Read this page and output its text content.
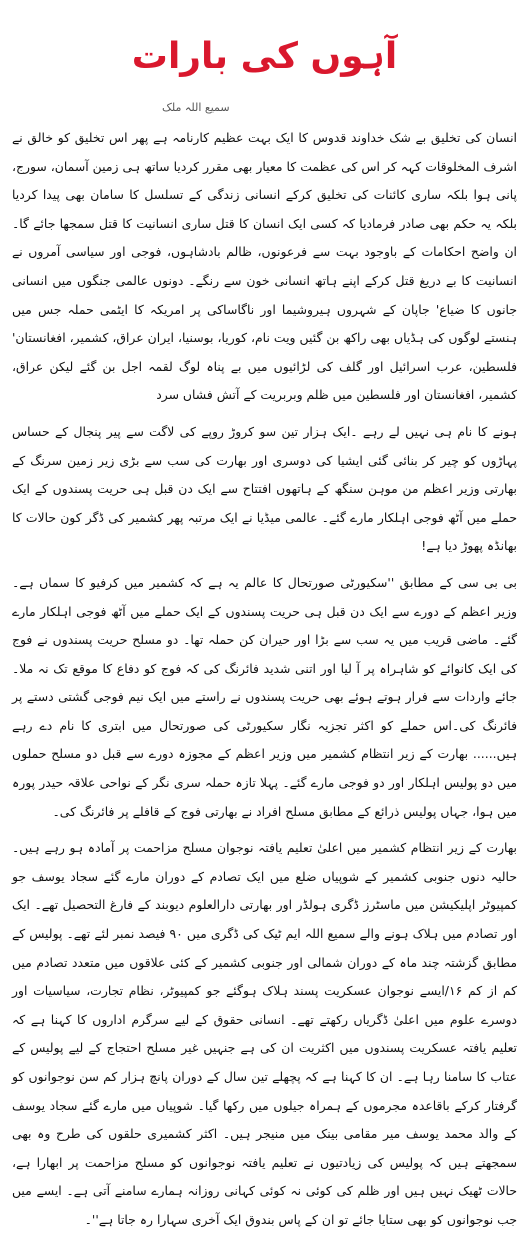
آہوں کی بارات
سمیع اللہ ملک

انسان کی تخلیق بے شک خداوند قدوس کا ایک بہت عظیم کارنامہ ہے پھر اس تخلیق کو خالق نے اشرف المخلوقات کہہ کر اس کی عظمت کا معیار بھی مقرر کردیا ساتھ ہی زمین آسمان، سورج، پانی ہوا بلکہ ساری کائنات کی تخلیق کرکے انسانی زندگی کے تسلسل کا سامان بھی پیدا کردیا بلکہ یہ حکم بھی صادر فرمادیا کہ کسی ایک انسان کا قتل ساری انسانیت کا قتل سمجھا جائے گا۔ان واضح احکامات کے باوجود بہت سے فرعونوں، ظالم بادشاہوں، فوجی اور سیاسی آمروں نے انسانیت کا بے دریغ قتل کرکے اپنے ہاتھ انسانی خون سے رنگے۔ دونوں عالمی جنگوں میں انسانی جانوں کا ضیاع' جاپان کے شہروں ہیروشیما اور ناگاساکی پر امریکہ کا ایٹمی حملہ جس میں ہنستے لوگوں کی ہڈیاں بھی راکھ بن گئیں ویت نام، کوریا، بوسنیا، ایران عراق، کشمیر، افغانستان' فلسطین، عرب اسرائیل اور گلف کی لڑائیوں میں بے پناہ لوگ لقمہ اجل بن گئے لیکن عراق، کشمیر، افغانستان اور فلسطین میں ظلم وبربریت کے آتش فشاں سرد

ہونے کا نام ہی نہیں لے رہے ۔ایک ہزار تین سو کروڑ روپے کی لاگت سے پیر پنجال کے حساس پہاڑوں کو چیر کر بنائی گئی ایشیا کی دوسری اور بھارت کی سب سے بڑی زیر زمین سرنگ کے بھارتی وزیر اعظم من موہن سنگھ کے ہاتھوں افتتاح سے ایک دن قبل ہی حریت پسندوں کے ایک حملے میں آٹھ فوجی اہلکار مارے گئے۔ عالمی میڈیا نے ایک مرتبہ پھر کشمیر کی ڈگر کون حالات کا بھانڈہ پھوڑ دیا ہے!

بی بی سی کے مطابق ''سکیورٹی صورتحال کا عالم یہ ہے کہ کشمیر میں کرفیو کا سماں ہے۔ وزیر اعظم کے دورے سے ایک دن قبل ہی حریت پسندوں کے ایک حملے میں آٹھ فوجی اہلکار مارے گئے۔ ماضی قریب میں یہ سب سے بڑا اور حیران کن حملہ تھا۔ دو مسلح حریت پسندوں نے فوج کی ایک کانوائے کو شاہراہ پر آ لیا اور اتنی شدید فائرنگ کی کہ فوج کو دفاع کا موقع تک نہ ملا۔ جائے واردات سے فرار ہوتے ہوئے بھی حریت پسندوں نے راستے میں ایک نیم فوجی گشتی دستے پر فائرنگ کی۔اس حملے کو اکثر تجزیہ نگار سکیورٹی کی صورتحال میں ابتری کا نام دے رہے ہیں...... بھارت کے زیر انتظام کشمیر میں وزیر اعظم کے مجوزہ دورے سے قبل دو مسلح حملوں میں دو پولیس اہلکار اور دو فوجی مارے گئے۔ پہلا تازہ حملہ سری نگر کے نواحی علاقہ حیدر پورہ میں ہوا، جہاں پولیس ذرائع کے مطابق مسلح افراد نے بھارتی فوج کے قافلے پر فائرنگ کی۔

بھارت کے زیر انتظام کشمیر میں اعلیٰ تعلیم یافتہ نوجوان مسلح مزاحمت پر آمادہ ہو رہے ہیں۔ حالیہ دنوں جنوبی کشمیر کے شوپیاں ضلع میں ایک تصادم کے دوران مارے گئے سجاد یوسف جو کمپیوٹر اپلیکیشن میں ماسٹرز ڈگری ہولڈر اور بھارتی دارالعلوم دیوبند کے فارغ التحصیل تھے۔ ایک اور تصادم میں ہلاک ہونے والے سمیع اللہ ایم ٹیک کی ڈگری میں ۹۰ فیصد نمبر لئے تھے۔ پولیس کے مطابق گزشتہ چند ماہ کے دوران شمالی اور جنوبی کشمیر کے کئی علاقوں میں متعدد تصادم میں کم از کم ۱۶/ایسے نوجوان عسکریت پسند ہلاک ہوگئے جو کمپیوٹر، نظام تجارت، سیاسیات اور دوسرے علوم میں اعلیٰ ڈگریاں رکھتے تھے۔ انسانی حقوق کے لیے سرگرم اداروں کا کہنا ہے کہ تعلیم یافتہ عسکریت پسندوں میں اکثریت ان کی ہے جنہیں غیر مسلح احتجاج کے لیے پولیس کے عتاب کا سامنا رہا ہے۔ ان کا کہنا ہے کہ پچھلے تین سال کے دوران پانچ ہزار کم سن نوجوانوں کو گرفتار کرکے باقاعدہ مجرموں کے ہمراہ جیلوں میں رکھا گیا۔ شوپیاں میں مارے گئے سجاد یوسف کے والد محمد یوسف میر مقامی بینک میں منیجر ہیں۔ اکثر کشمیری حلقوں کی طرح وہ بھی سمجھتے ہیں کہ پولیس کی زیادتیوں نے تعلیم یافتہ نوجوانوں کو مسلح مزاحمت پر ابھارا ہے، حالات ٹھیک نہیں ہیں اور ظلم کی کوئی نہ کوئی کہانی روزانہ ہمارے سامنے آتی ہے۔ ایسے میں جب نوجوانوں کو بھی ستایا جائے تو ان کے پاس بندوق ایک آخری سہارا رہ جاتا ہے''۔
